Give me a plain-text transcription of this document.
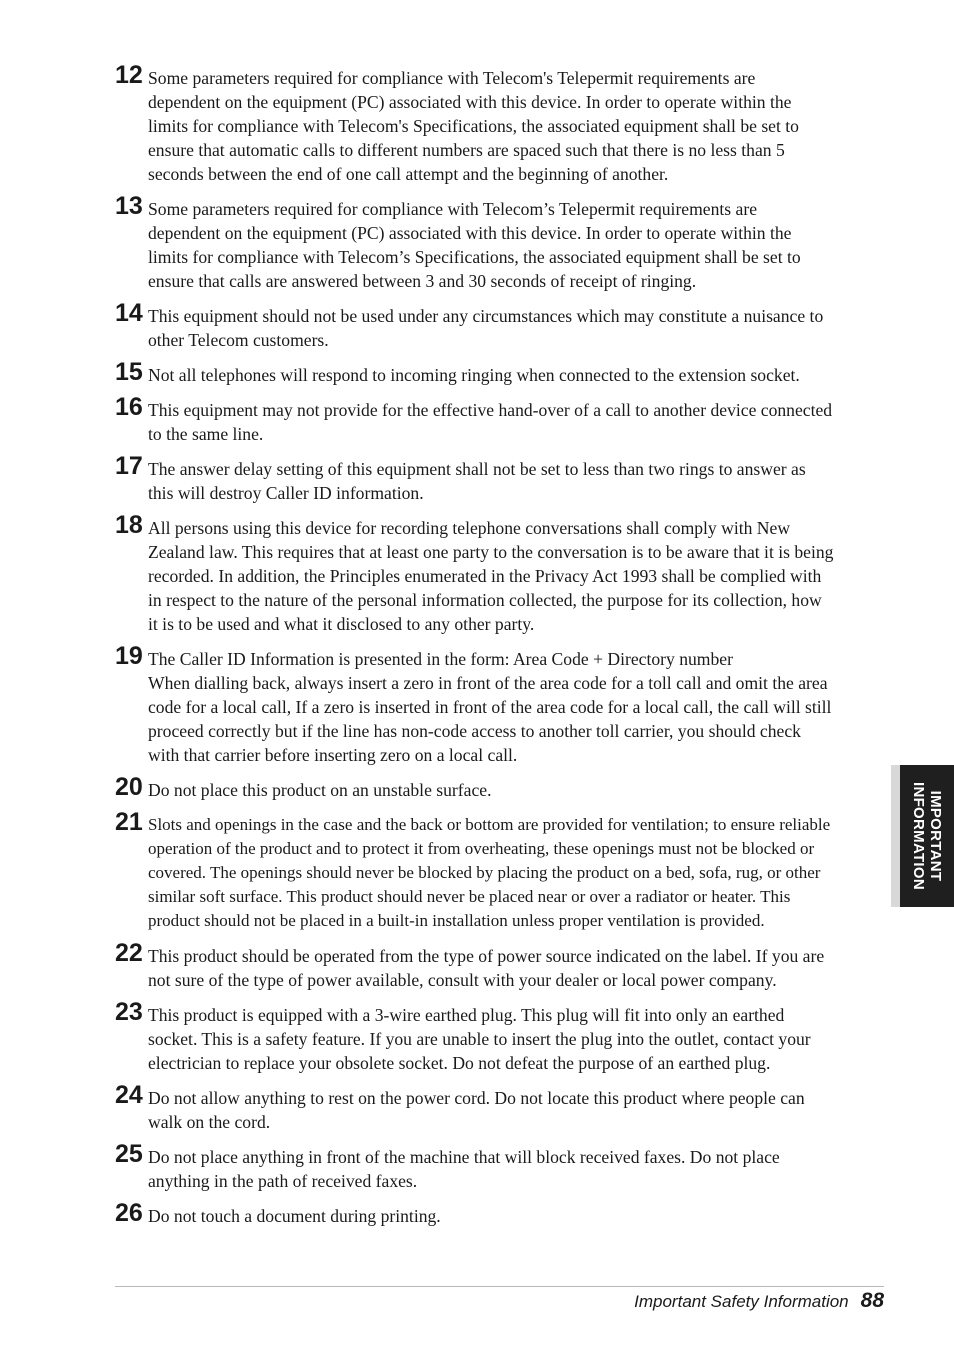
12 Some parameters required for compliance with Telecom's Telepermit requirements are
dependent on the equipment (PC) associated with this device. In order to operate within the
limits for compliance with Telecom's Specifications, the associated equipment shall be set to
ensure that automatic calls to different numbers are spaced such that there is no less than 5
seconds between the end of one call attempt and the beginning of another.
13 Some parameters required for compliance with Telecom’s Telepermit requirements are
dependent on the equipment (PC) associated with this device. In order to operate within the
limits for compliance with Telecom’s Specifications, the associated equipment shall be set to
ensure that calls are answered between 3 and 30 seconds of receipt of ringing.
14 This equipment should not be used under any circumstances which may constitute a nuisance to
other Telecom customers.
15 Not all telephones will respond to incoming ringing when connected to the extension socket.
16 This equipment may not provide for the effective hand-over of a call to another device connected
to the same line.
17 The answer delay setting of this equipment shall not be set to less than two rings to answer as
this will destroy Caller ID information.
18 All persons using this device for recording telephone conversations shall comply with New
Zealand law. This requires that at least one party to the conversation is to be aware that it is being
recorded. In addition, the Principles enumerated in the Privacy Act 1993 shall be complied with
in respect to the nature of the personal information collected, the purpose for its collection, how
it is to be used and what it disclosed to any other party.
19 The Caller ID Information is presented in the form: Area Code + Directory number
When dialling back, always insert a zero in front of the area code for a toll call and omit the area
code for a local call, If a zero is inserted in front of the area code for a local call, the call will still
proceed correctly but if the line has non-code access to another toll carrier, you should check
with that carrier before inserting zero on a local call.
20 Do not place this product on an unstable surface.
21 Slots and openings in the case and the back or bottom are provided for ventilation; to ensure reliable
operation of the product and to protect it from overheating, these openings must not be blocked or
covered. The openings should never be blocked by placing the product on a bed, sofa, rug, or other
similar soft surface. This product should never be placed near or over a radiator or heater. This
product should not be placed in a built-in installation unless proper ventilation is provided.
22 This product should be operated from the type of power source indicated on the label. If you are
not sure of the type of power available, consult with your dealer or local power company.
23 This product is equipped with a 3-wire earthed plug. This plug will fit into only an earthed
socket. This is a safety feature. If you are unable to insert the plug into the outlet, contact your
electrician to replace your obsolete socket. Do not defeat the purpose of an earthed plug.
24 Do not allow anything to rest on the power cord. Do not locate this product where people can
walk on the cord.
25 Do not place anything in front of the machine that will block received faxes. Do not place
anything in the path of received faxes.
26 Do not touch a document during printing.
IMPORTANT
INFORMATION
Important Safety Information 88
